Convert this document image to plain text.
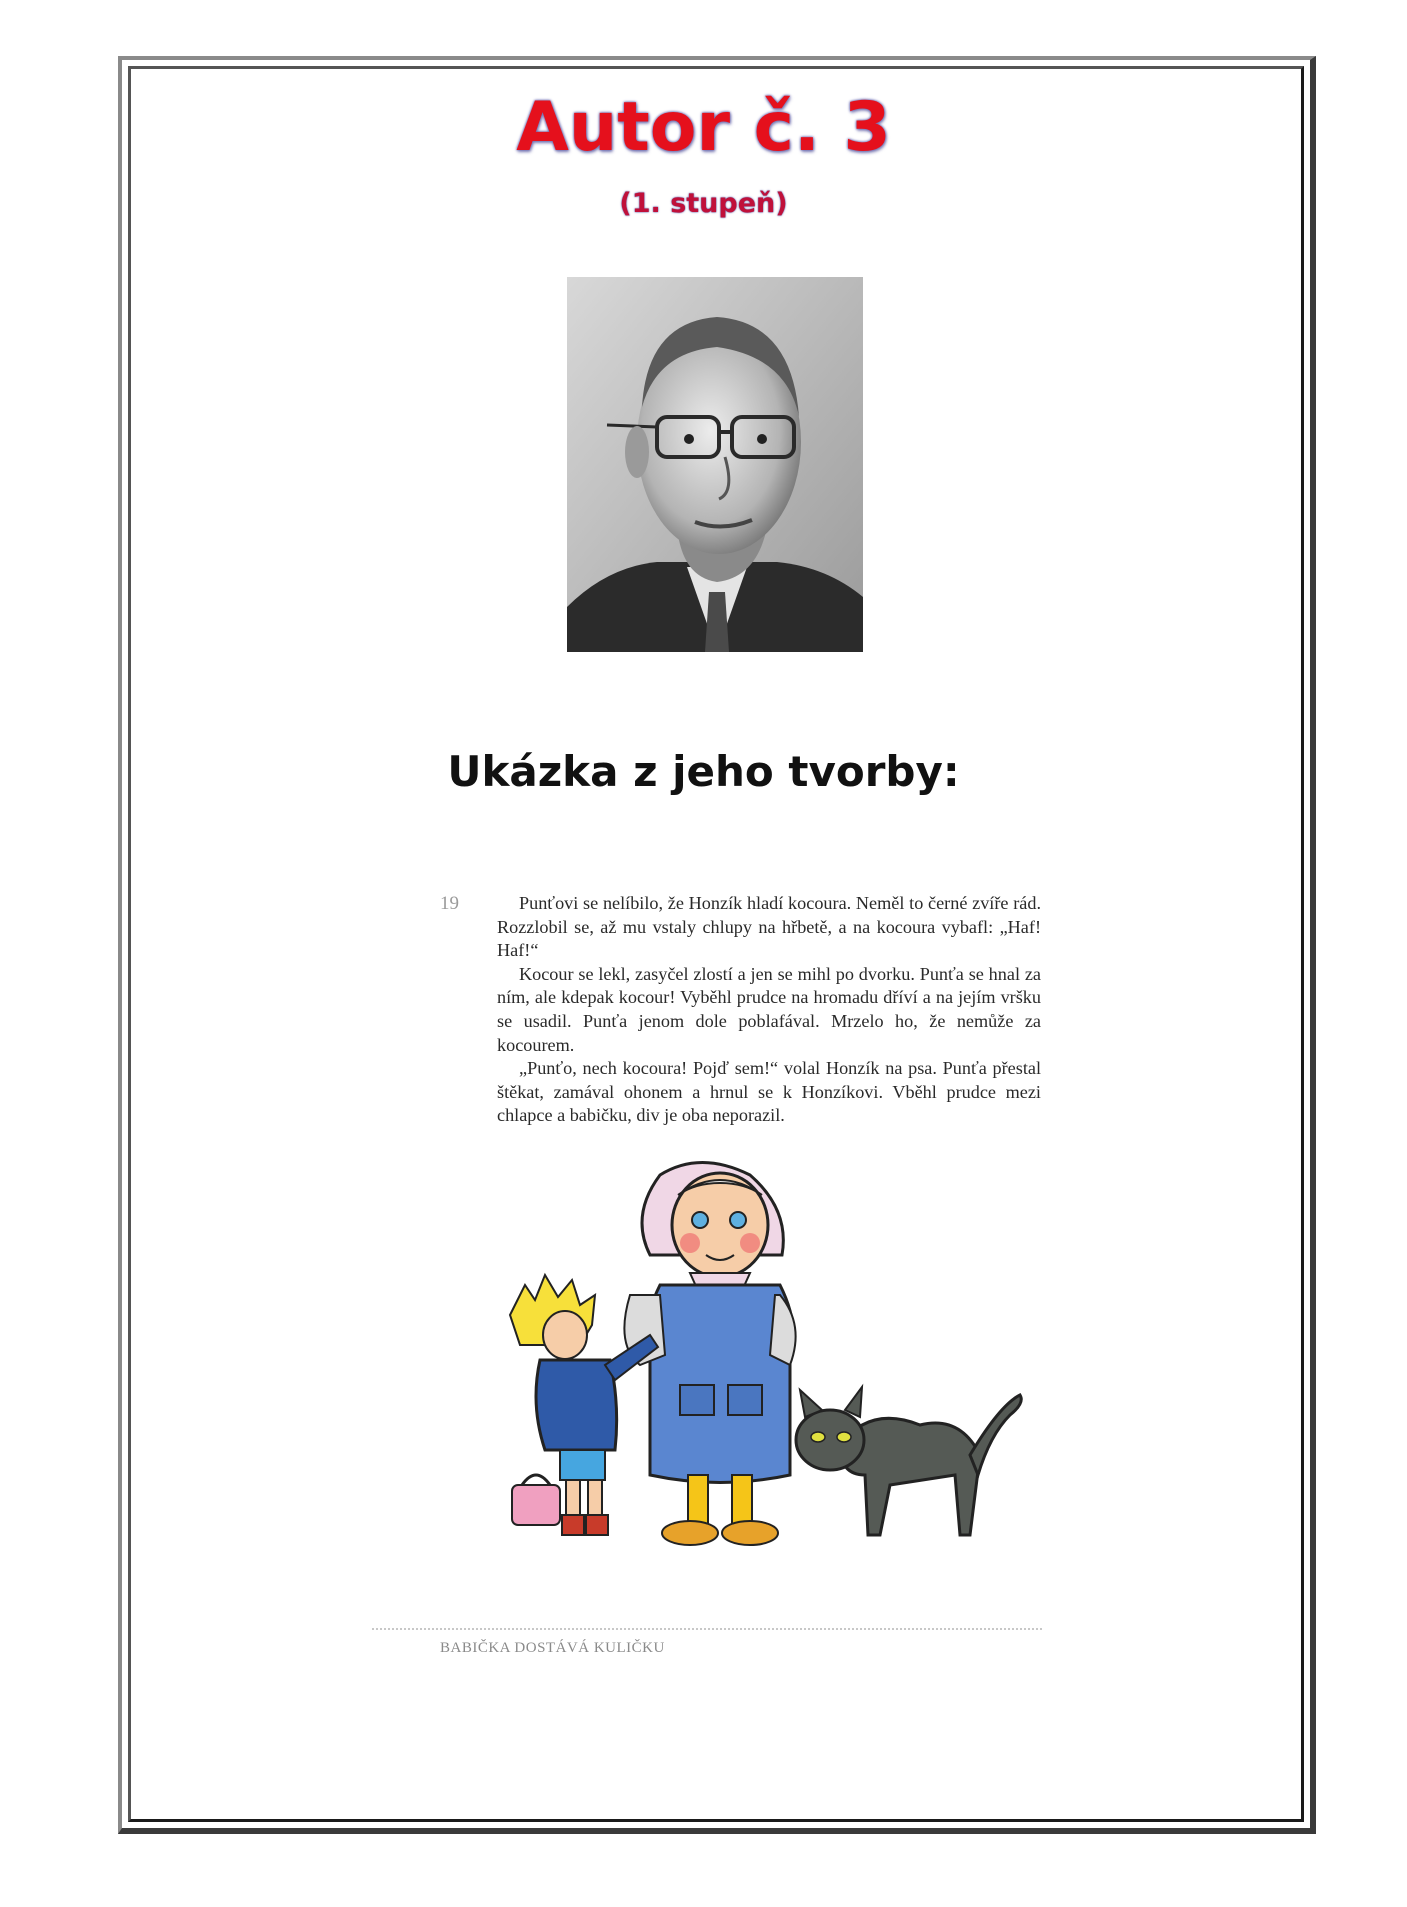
Autor č. 3
(1. stupeň)
Ukázka z jeho tvorby:
19	Punťovi se nelíbilo, že Honzík hladí kocoura. Neměl to černé zvíře rád. Rozzlobil se, až mu vstaly chlupy na hřbetě, a na kocoura vybafl: „Haf! Haf!“

Kocour se lekl, zasyčel zlostí a jen se mihl po dvorku. Punťa se hnal za ním, ale kdepak kocour! Vyběhl prudce na hromadu dříví a na jejím vršku se usadil. Punťa jenom dole poblafával. Mrzelo ho, že nemůže za kocourem.

„Punťo, nech kocoura! Pojď sem!“ volal Honzík na psa. Punťa přestal štěkat, zamával ohonem a hrnul se k Honzíkovi. Vběhl prudce mezi chlapce a babičku, div je oba neporazil.

BABIČKA DOSTÁVÁ KULIČKU
